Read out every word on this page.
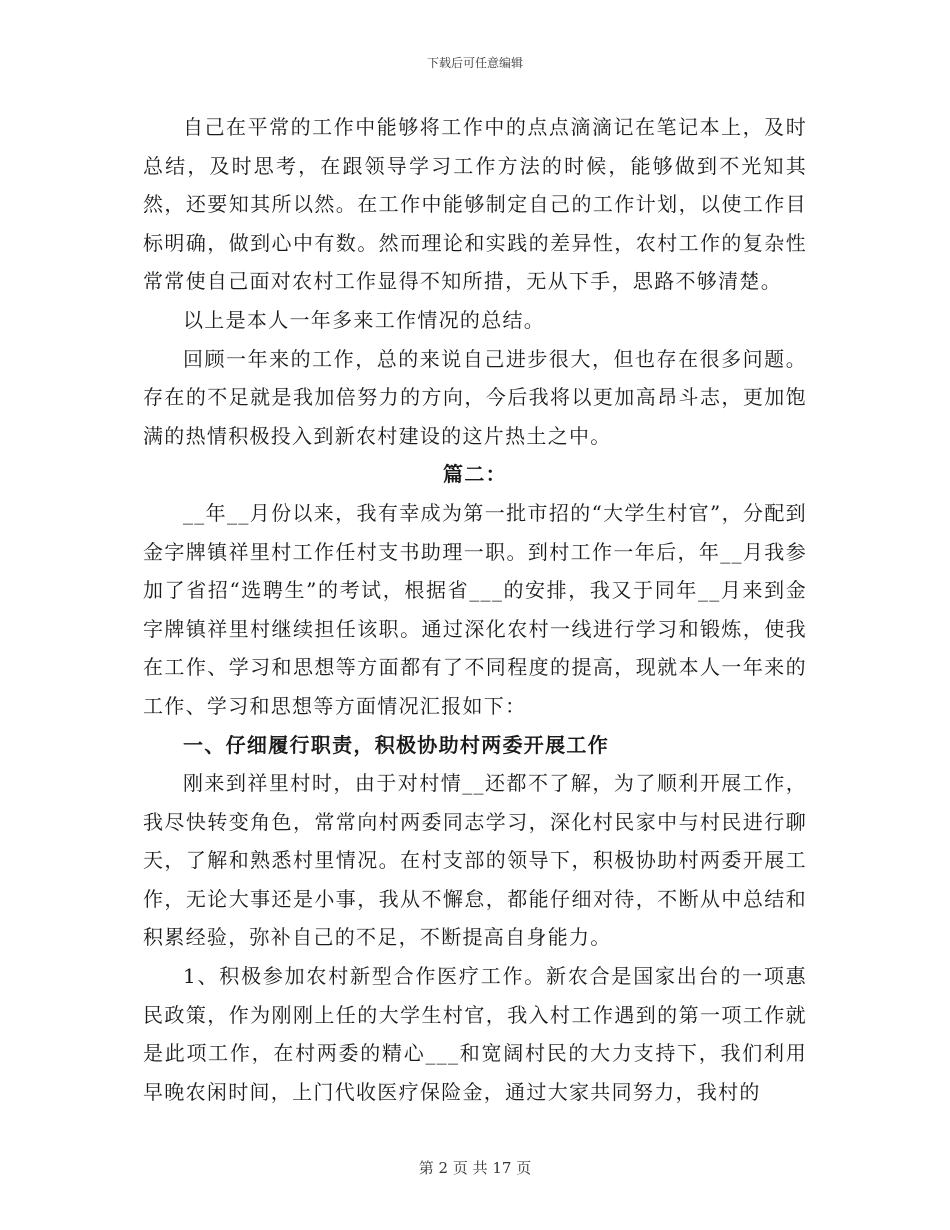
下载后可任意编辑

自己在平常的工作中能够将工作中的点点滴滴记在笔记本上，及时总结，及时思考，在跟领导学习工作方法的时候，能够做到不光知其然，还要知其所以然。在工作中能够制定自己的工作计划，以使工作目标明确，做到心中有数。然而理论和实践的差异性，农村工作的复杂性常常使自己面对农村工作显得不知所措，无从下手，思路不够清楚。

以上是本人一年多来工作情况的总结。

回顾一年来的工作，总的来说自己进步很大，但也存在很多问题。存在的不足就是我加倍努力的方向，今后我将以更加高昂斗志，更加饱满的热情积极投入到新农村建设的这片热土之中。

篇二：

__年__月份以来，我有幸成为第一批市招的“大学生村官”，分配到金字牌镇祥里村工作任村支书助理一职。到村工作一年后，年__月我参加了省招“选聘生”的考试，根据省___的安排，我又于同年__月来到金字牌镇祥里村继续担任该职。通过深化农村一线进行学习和锻炼，使我在工作、学习和思想等方面都有了不同程度的提高，现就本人一年来的工作、学习和思想等方面情况汇报如下：

一、仔细履行职责，积极协助村两委开展工作

刚来到祥里村时，由于对村情__还都不了解，为了顺利开展工作，我尽快转变角色，常常向村两委同志学习，深化村民家中与村民进行聊天，了解和熟悉村里情况。在村支部的领导下，积极协助村两委开展工作，无论大事还是小事，我从不懈怠，都能仔细对待，不断从中总结和积累经验，弥补自己的不足，不断提高自身能力。

1、积极参加农村新型合作医疗工作。新农合是国家出台的一项惠民政策，作为刚刚上任的大学生村官，我入村工作遇到的第一项工作就是此项工作，在村两委的精心___和宽阔村民的大力支持下，我们利用早晚农闲时间，上门代收医疗保险金，通过大家共同努力，我村的

第 2 页 共 17 页
